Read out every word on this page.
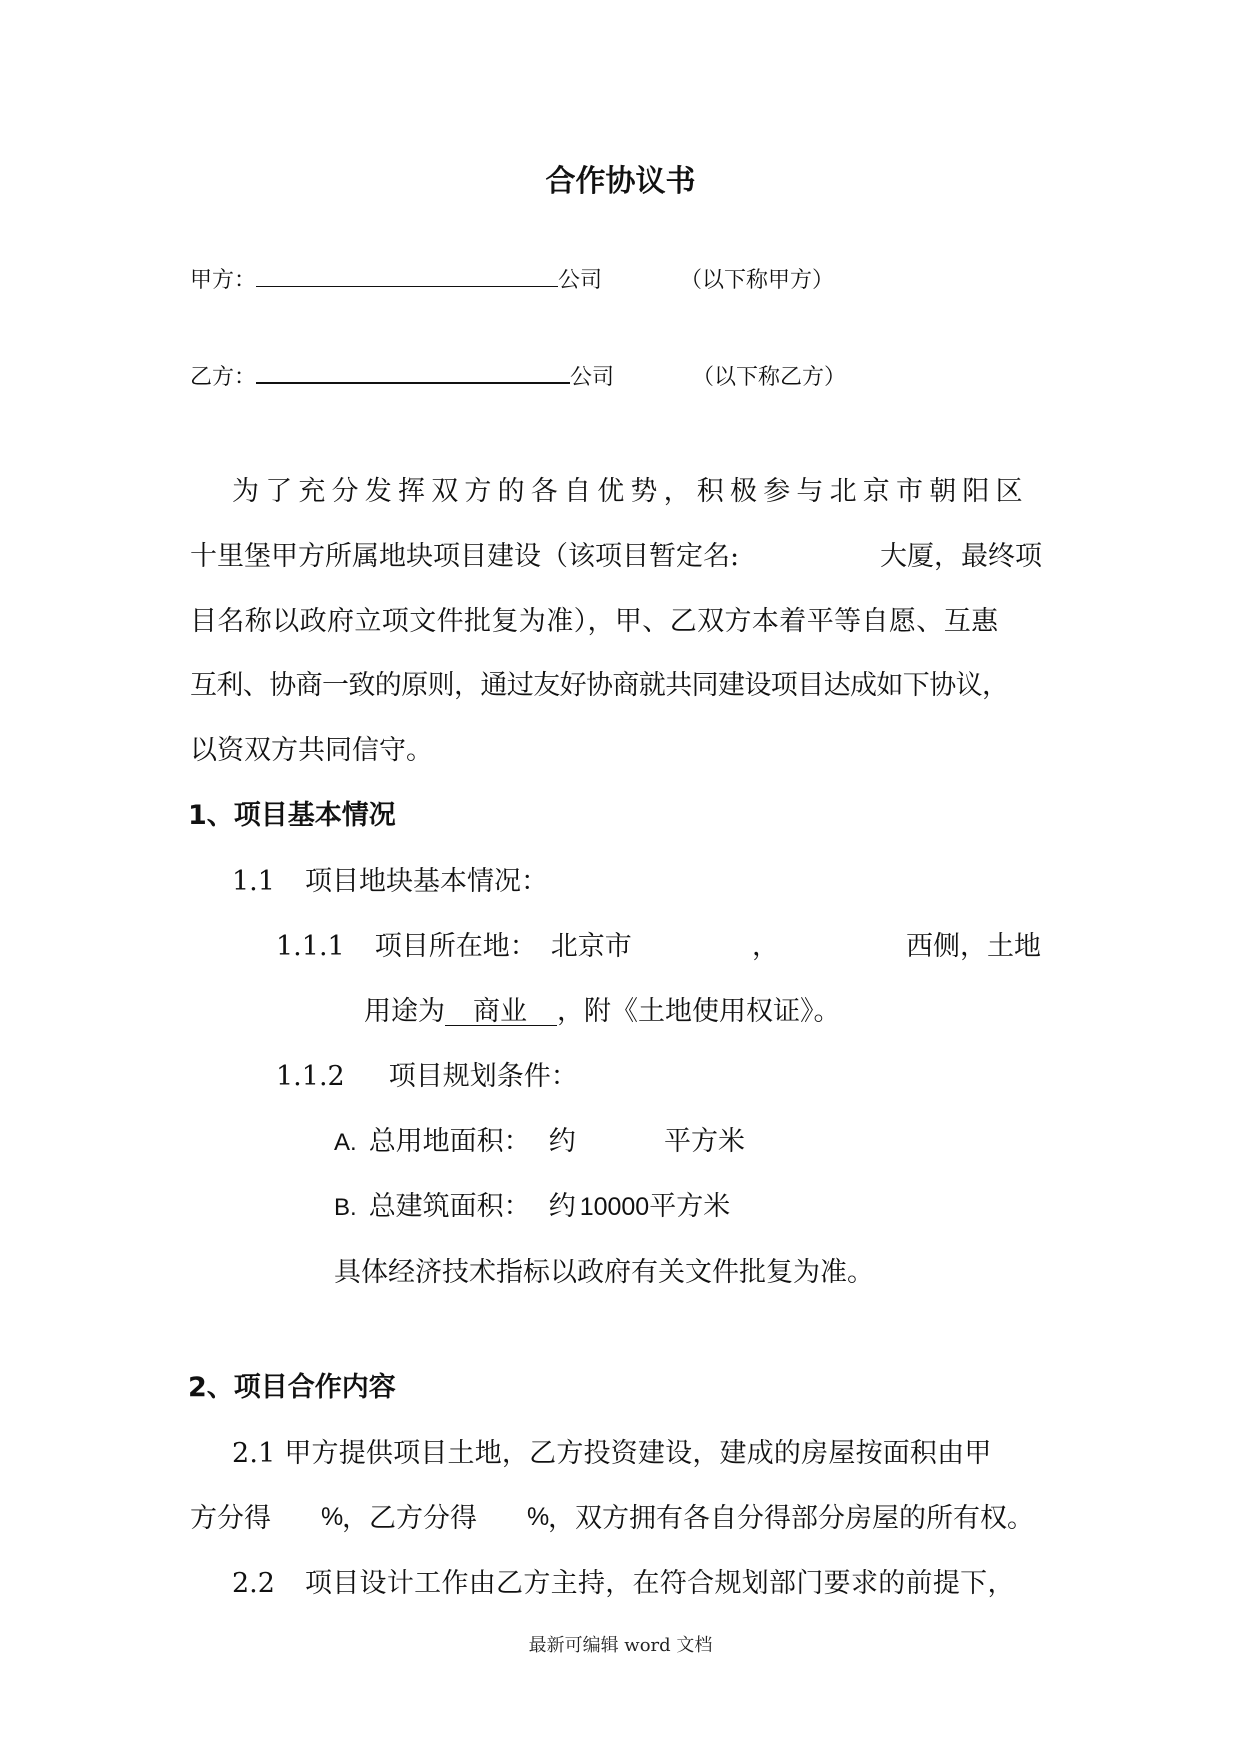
合作协议书
甲方：	公司	（以下称甲方）
乙方：	公司	（以下称乙方）
为了充分发挥双方的各自优势，积极参与北京市朝阳区
十里堡甲方所属地块项目建设（该项目暂定名:	大厦，最终项
目名称以政府立项文件批复为准），甲、乙双方本着平等自愿、互惠
互利、协商一致的原则，通过友好协商就共同建设项目达成如下协议，
以资双方共同信守。
1、项目基本情况
1.1 项目地块基本情况：
1.1.1 项目所在地： 北京市	，	西侧，土地
用途为 商业 ，附《土地使用权证》。
1.1.2 项目规划条件：
A. 总用地面积： 约	平方米
B. 总建筑面积： 约 10000平方米
具体经济技术指标以政府有关文件批复为准。
2、项目合作内容
2.1 甲方提供项目土地，乙方投资建设，建成的房屋按面积由甲
方分得 %
，乙方分得 %
，双方拥有各自分得部分房屋的所有权。
2.2 项目设计工作由乙方主持，在符合规划部门要求的前提下，
最新可编辑 word 文档
